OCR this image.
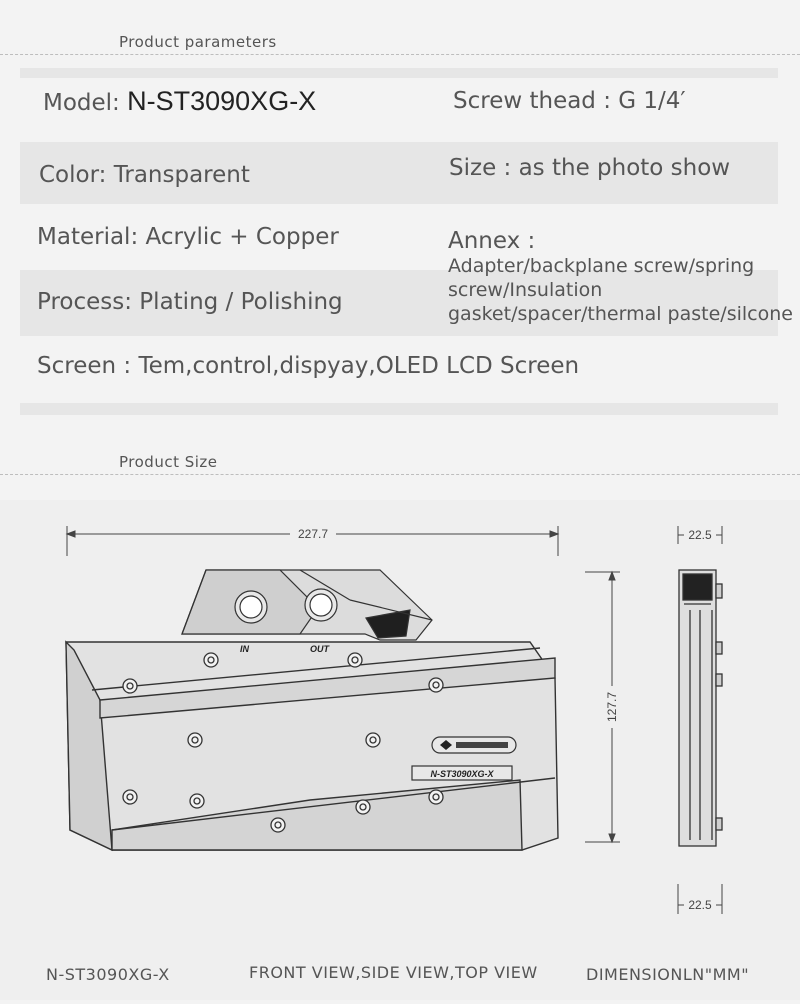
Product parameters
Model: N-ST3090XG-X	Screw thead : G 1/4′
Color: Transparent	Size : as the photo show
Material: Acrylic + Copper	Annex :
Adapter/backplane screw/spring
screw/Insulation
gasket/spacer/thermal paste/silcone
Process: Plating / Polishing
Screen : Tem,control,dispyay,OLED LCD Screen
Product Size
227.7
127.7
IN	OUT
N-ST3090XG-X
22.5
22.5
N-ST3090XG-X	FRONT VIEW,SIDE VIEW,TOP VIEW	DIMENSIONLN"MM"
